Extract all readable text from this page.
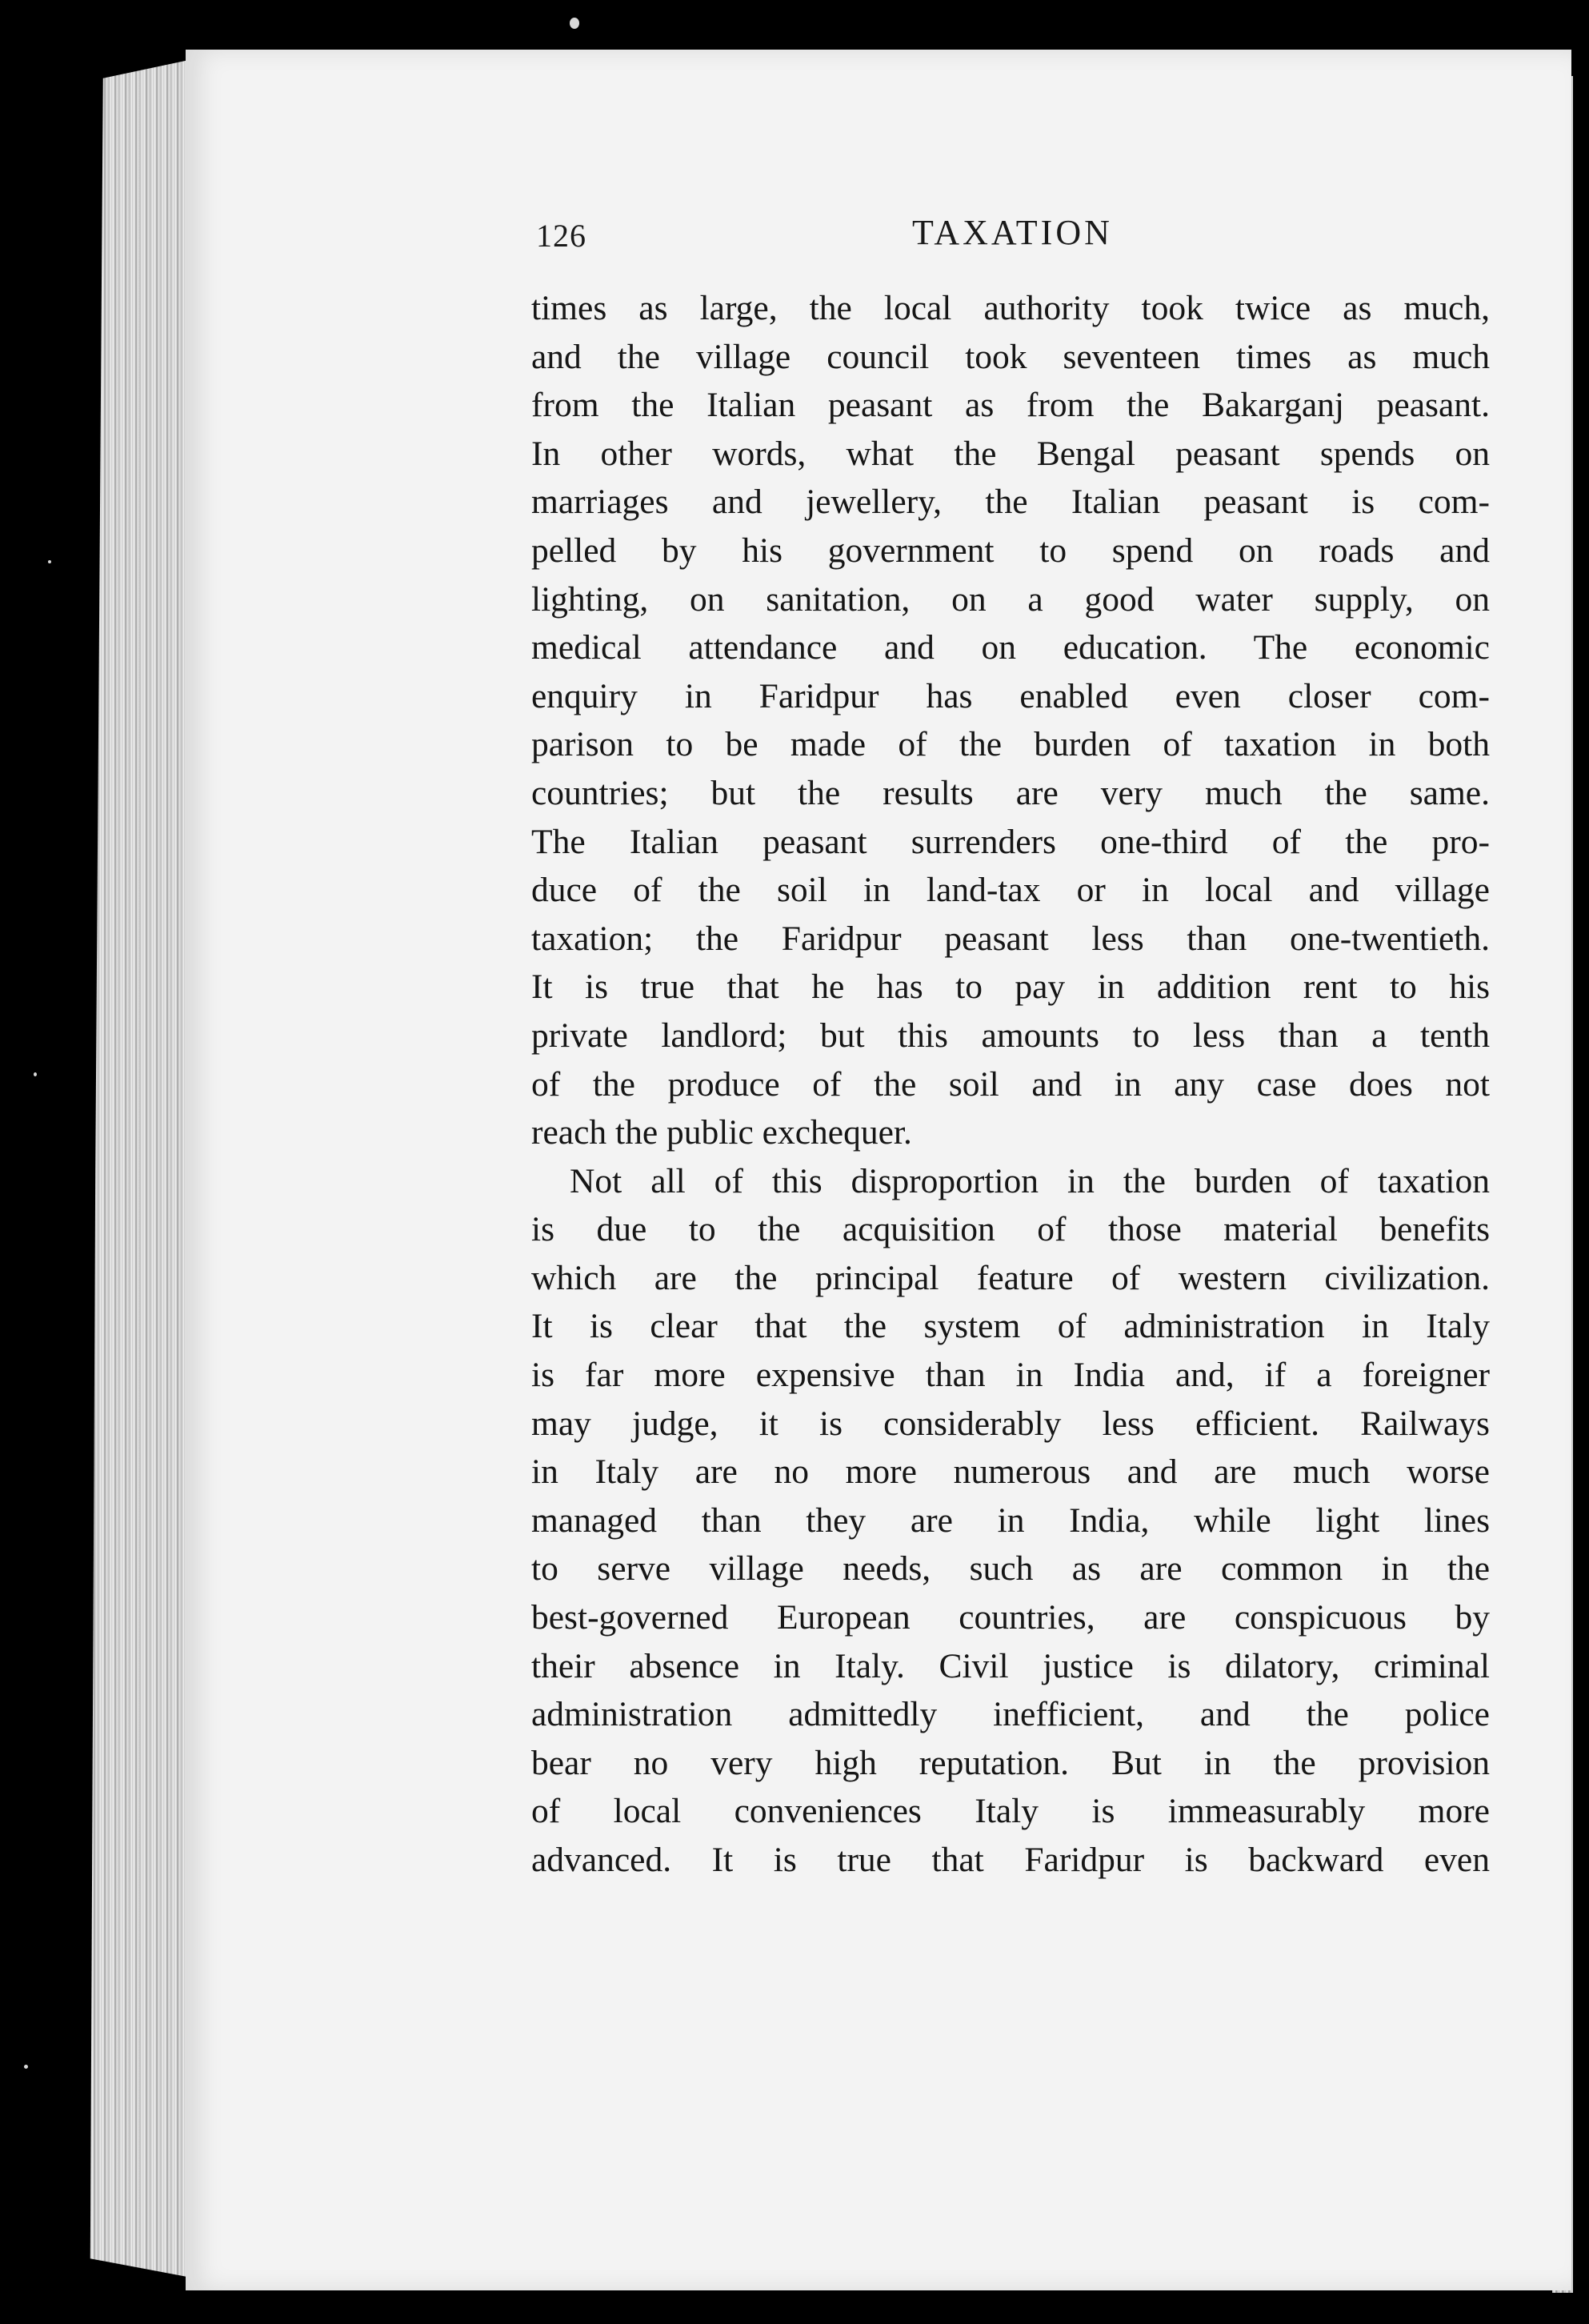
126	TAXATION
times as large, the local authority took twice as much,
and the village council took seventeen times as much
from the Italian peasant as from the Bakarganj peasant.
In other words, what the Bengal peasant spends on
marriages and jewellery, the Italian peasant is com-
pelled by his government to spend on roads and
lighting, on sanitation, on a good water supply, on
medical attendance and on education. The economic
enquiry in Faridpur has enabled even closer com-
parison to be made of the burden of taxation in both
countries; but the results are very much the same.
The Italian peasant surrenders one-third of the pro-
duce of the soil in land-tax or in local and village
taxation; the Faridpur peasant less than one-twentieth.
It is true that he has to pay in addition rent to his
private landlord; but this amounts to less than a tenth
of the produce of the soil and in any case does not
reach the public exchequer.
Not all of this disproportion in the burden of taxation
is due to the acquisition of those material benefits
which are the principal feature of western civilization.
It is clear that the system of administration in Italy
is far more expensive than in India and, if a foreigner
may judge, it is considerably less efficient. Railways
in Italy are no more numerous and are much worse
managed than they are in India, while light lines
to serve village needs, such as are common in the
best-governed European countries, are conspicuous by
their absence in Italy. Civil justice is dilatory, criminal
administration admittedly inefficient, and the police
bear no very high reputation. But in the provision
of local conveniences Italy is immeasurably more
advanced. It is true that Faridpur is backward even
